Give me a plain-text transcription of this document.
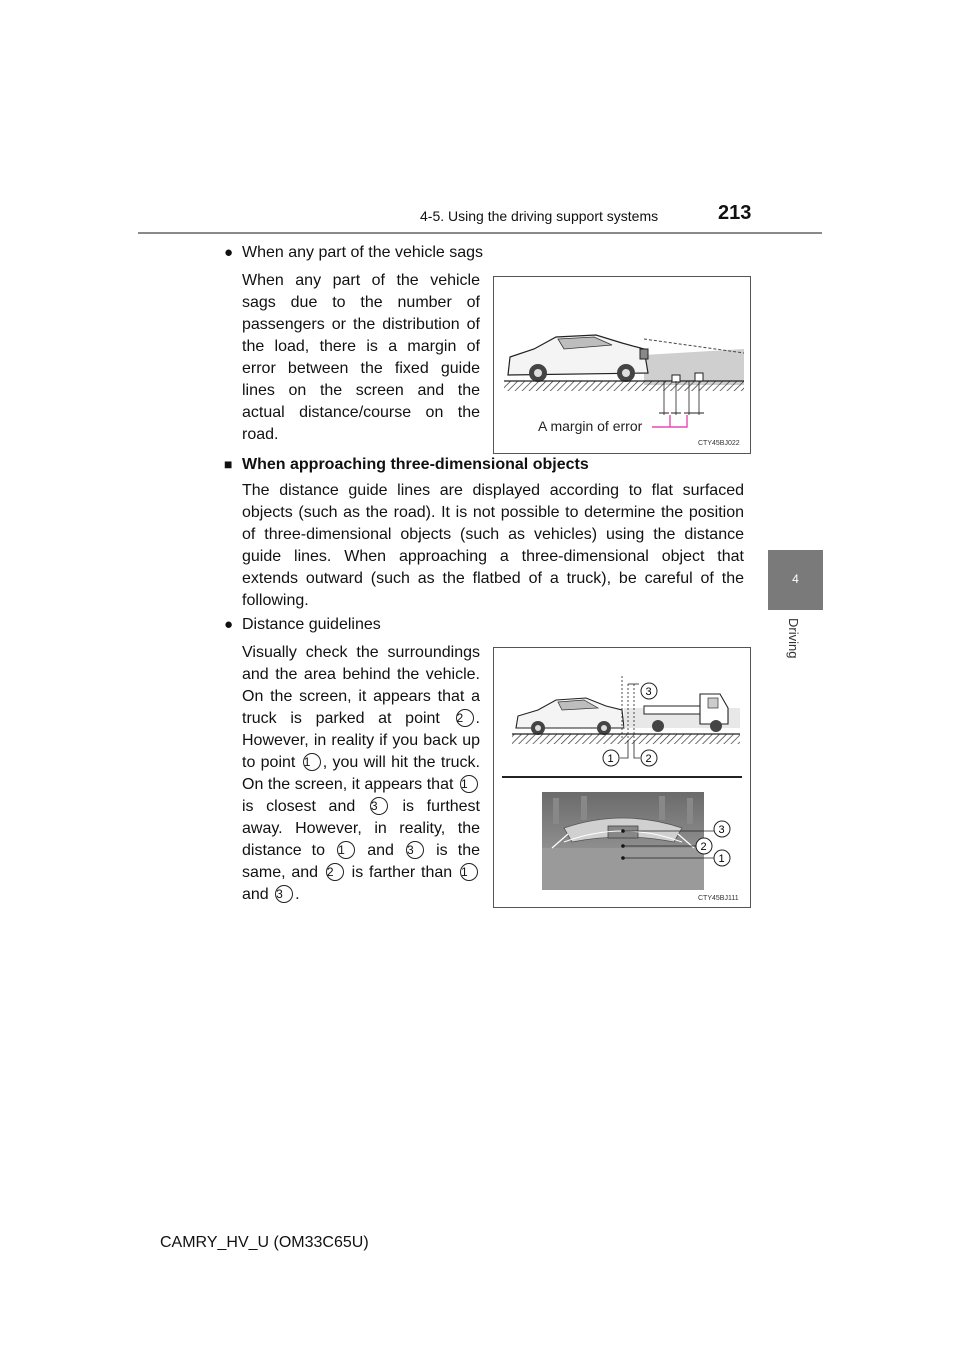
4-5. Using the driving support systems	213
4
Driving
● When any part of the vehicle sags
When any part of the vehicle sags due to the number of passengers or the distribution of the load, there is a margin of error between the fixed guide lines on the screen and the actual distance/course on the road.	A margin of error
CTY45BJ022
■ When approaching three-dimensional objects
The distance guide lines are displayed according to flat surfaced objects (such as the road). It is not possible to determine the position of three-dimensional objects (such as vehicles) using the distance guide lines. When approaching a three-dimensional object that extends outward (such as the flatbed of a truck), be careful of the following.
● Distance guidelines
Visually check the surroundings and the area behind the vehicle. On the screen, it appears that a truck is parked at point 2 . However, in reality if you back up to point 1 , you will hit the truck. On the screen, it appears that 1 is closest and 3 is furthest away. However, in reality, the distance to 1 and 3 is the same, and 2 is farther than 1 and 3 .
1	2
3
3
2
1
CTY45BJ111
CAMRY_HV_U (OM33C65U)
